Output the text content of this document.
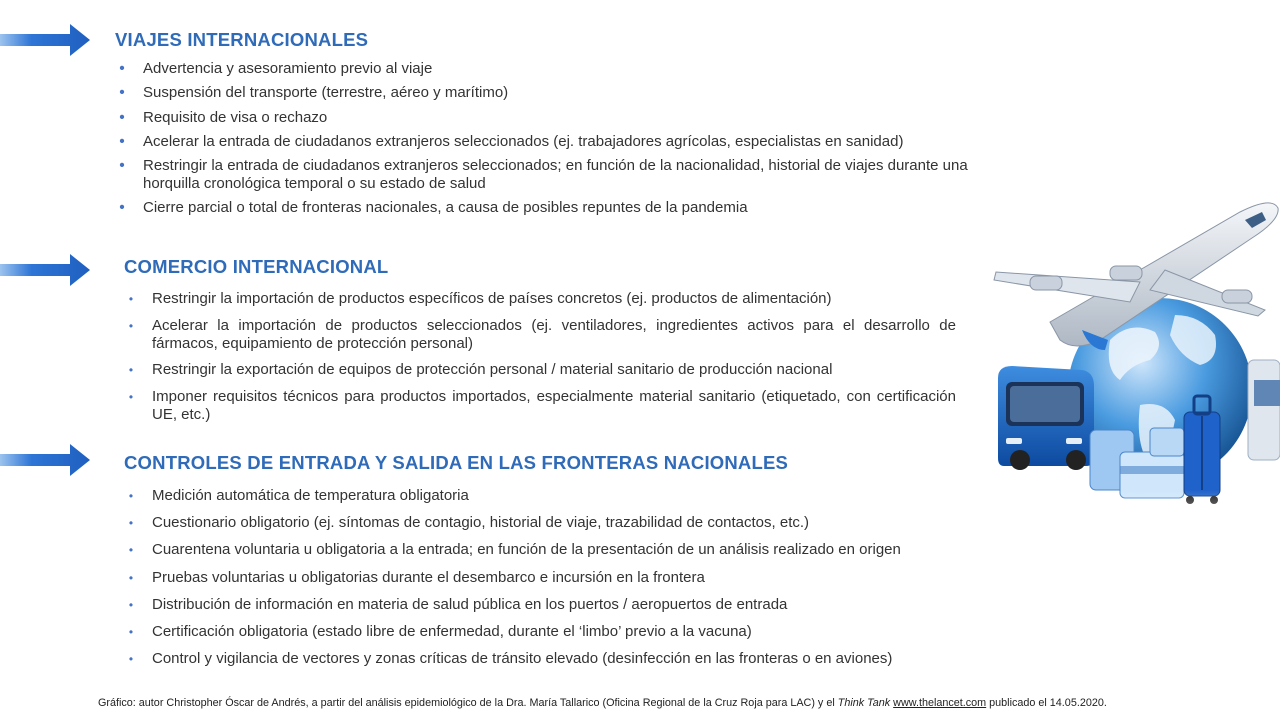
VIAJES INTERNACIONALES
• Advertencia y asesoramiento previo al viaje
• Suspensión del transporte (terrestre, aéreo y marítimo)
• Requisito de visa o rechazo
• Acelerar la entrada de ciudadanos extranjeros seleccionados (ej. trabajadores agrícolas, especialistas en sanidad)
• Restringir la entrada de ciudadanos extranjeros seleccionados; en función de la nacionalidad, historial de viajes durante una horquilla cronológica temporal o su estado de salud
• Cierre parcial o total de fronteras nacionales, a causa de posibles repuntes de la pandemia
COMERCIO INTERNACIONAL
•	Restringir la importación de productos específicos de países concretos (ej. productos de alimentación)
•	Acelerar la importación de productos seleccionados (ej. ventiladores, ingredientes activos para el desarrollo de fármacos, equipamiento de protección personal)
•	Restringir la exportación de equipos de protección personal / material sanitario de producción nacional
•	Imponer requisitos técnicos para productos importados, especialmente material sanitario (etiquetado, con certificación UE, etc.)
CONTROLES DE ENTRADA Y SALIDA EN LAS FRONTERAS NACIONALES
•	Medición automática de temperatura obligatoria
•	Cuestionario obligatorio (ej. síntomas de contagio, historial de viaje, trazabilidad de contactos, etc.)
•	Cuarentena voluntaria u obligatoria a la entrada; en función de la presentación de un análisis realizado en origen
•	Pruebas voluntarias u obligatorias durante el desembarco e incursión en la frontera
•	Distribución de información en materia de salud pública en los puertos / aeropuertos de entrada
•	Certificación obligatoria (estado libre de enfermedad, durante el ‘limbo’ previo a la vacuna)
•	Control y vigilancia de vectores y zonas críticas de tránsito elevado (desinfección en las fronteras o en aviones)
Gráfico: autor Christopher Óscar de Andrés, a partir del análisis epidemiológico de la Dra. María Tallarico (Oficina Regional de la Cruz Roja para LAC) y el Think Tank www.thelancet.com publicado el 14.05.2020.
